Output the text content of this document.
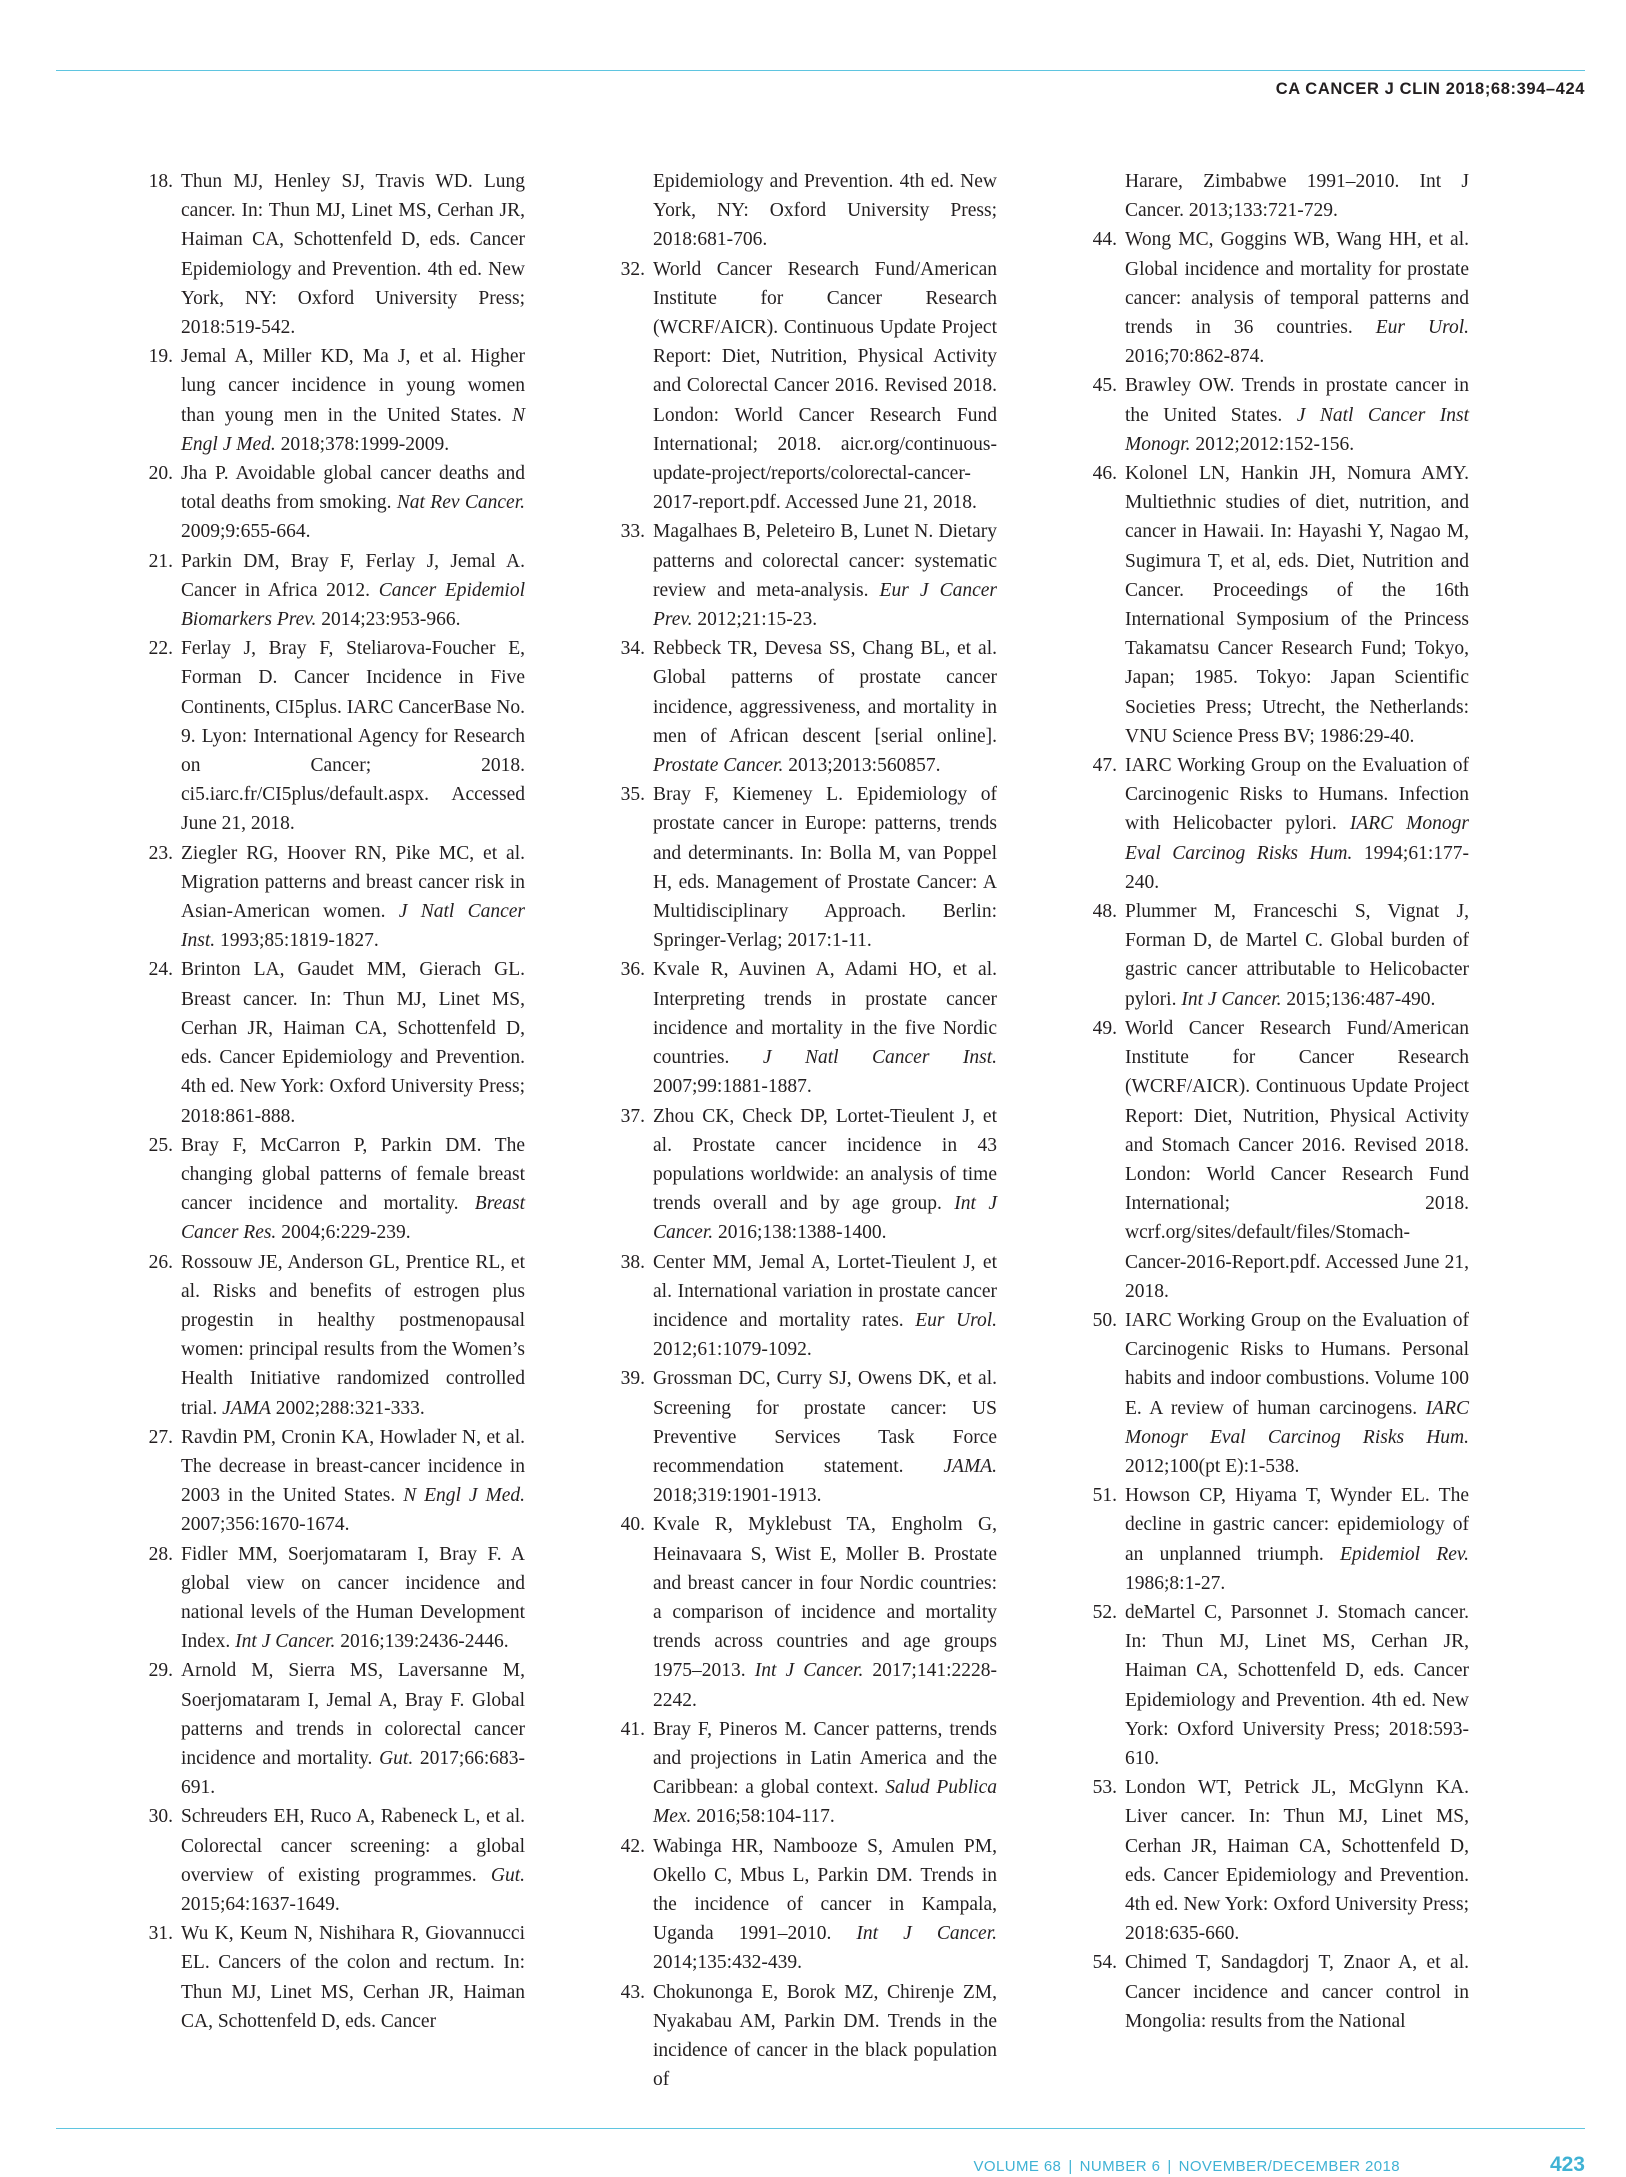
CA CANCER J CLIN 2018;68:394–424
18 . Thun MJ, Henley SJ, Travis WD. Lung cancer. In: Thun MJ, Linet MS, Cerhan JR, Haiman CA, Schottenfeld D, eds. Cancer Epidemiology and Prevention. 4th ed. New York, NY: Oxford University Press; 2018:519-542.
19 . Jemal A, Miller KD, Ma J, et al. Higher lung cancer incidence in young women than young men in the United States. N Engl J Med. 2018;378:1999-2009.
20 . Jha P. Avoidable global cancer deaths and total deaths from smoking. Nat Rev Cancer. 2009;9:655-664.
21 . Parkin DM, Bray F, Ferlay J, Jemal A. Cancer in Africa 2012. Cancer Epidemiol Biomarkers Prev. 2014;23:953-966.
22 . Ferlay J, Bray F, Steliarova-Foucher E, Forman D. Cancer Incidence in Five Continents, CI5plus. IARC CancerBase No. 9. Lyon: International Agency for Research on Cancer; 2018. ci5.iarc.fr/CI5plus/default.aspx. Accessed June 21, 2018.
23 . Ziegler RG, Hoover RN, Pike MC, et al. Migration patterns and breast cancer risk in Asian-American women. J Natl Cancer Inst. 1993;85:1819-1827.
24 . Brinton LA, Gaudet MM, Gierach GL. Breast cancer. In: Thun MJ, Linet MS, Cerhan JR, Haiman CA, Schottenfeld D, eds. Cancer Epidemiology and Prevention. 4th ed. New York: Oxford University Press; 2018:861-888.
25 . Bray F, McCarron P, Parkin DM. The changing global patterns of female breast cancer incidence and mortality. Breast Cancer Res. 2004;6:229-239.
26 . Rossouw JE, Anderson GL, Prentice RL, et al. Risks and benefits of estrogen plus progestin in healthy postmenopausal women: principal results from the Women’s Health Initiative randomized controlled trial. JAMA 2002;288:321-333.
27 . Ravdin PM, Cronin KA, Howlader N, et al. The decrease in breast-cancer incidence in 2003 in the United States. N Engl J Med. 2007;356:1670-1674.
28 . Fidler MM, Soerjomataram I, Bray F. A global view on cancer incidence and national levels of the Human Development Index. Int J Cancer. 2016;139:2436-2446.
29 . Arnold M, Sierra MS, Laversanne M, Soerjomataram I, Jemal A, Bray F. Global patterns and trends in colorectal cancer incidence and mortality. Gut. 2017;66:683-691.
30 . Schreuders EH, Ruco A, Rabeneck L, et al. Colorectal cancer screening: a global overview of existing programmes. Gut. 2015;64:1637-1649.
31 . Wu K, Keum N, Nishihara R, Giovannucci EL. Cancers of the colon and rectum. In: Thun MJ, Linet MS, Cerhan JR, Haiman CA, Schottenfeld D, eds. Cancer
Epidemiology and Prevention. 4th ed. New York, NY: Oxford University Press; 2018:681-706.
32 . World Cancer Research Fund/American Institute for Cancer Research (WCRF/AICR). Continuous Update Project Report: Diet, Nutrition, Physical Activity and Colorectal Cancer 2016. Revised 2018. London: World Cancer Research Fund International; 2018. aicr.org/continuous-update-project/reports/colorectal-cancer-2017-report.pdf. Accessed June 21, 2018.
33 . Magalhaes B, Peleteiro B, Lunet N. Dietary patterns and colorectal cancer: systematic review and meta-analysis. Eur J Cancer Prev. 2012;21:15-23.
34 . Rebbeck TR, Devesa SS, Chang BL, et al. Global patterns of prostate cancer incidence, aggressiveness, and mortality in men of African descent [serial online]. Prostate Cancer. 2013;2013:560857.
35 . Bray F, Kiemeney L. Epidemiology of prostate cancer in Europe: patterns, trends and determinants. In: Bolla M, van Poppel H, eds. Management of Prostate Cancer: A Multidisciplinary Approach. Berlin: Springer-Verlag; 2017:1-11.
36 . Kvale R, Auvinen A, Adami HO, et al. Interpreting trends in prostate cancer incidence and mortality in the five Nordic countries. J Natl Cancer Inst. 2007;99:1881-1887.
37 . Zhou CK, Check DP, Lortet-Tieulent J, et al. Prostate cancer incidence in 43 populations worldwide: an analysis of time trends overall and by age group. Int J Cancer. 2016;138:1388-1400.
38 . Center MM, Jemal A, Lortet-Tieulent J, et al. International variation in prostate cancer incidence and mortality rates. Eur Urol. 2012;61:1079-1092.
39 . Grossman DC, Curry SJ, Owens DK, et al. Screening for prostate cancer: US Preventive Services Task Force recommendation statement. JAMA. 2018;319:1901-1913.
40 . Kvale R, Myklebust TA, Engholm G, Heinavaara S, Wist E, Moller B. Prostate and breast cancer in four Nordic countries: a comparison of incidence and mortality trends across countries and age groups 1975–2013. Int J Cancer. 2017;141:2228-2242.
41 . Bray F, Pineros M. Cancer patterns, trends and projections in Latin America and the Caribbean: a global context. Salud Publica Mex. 2016;58:104-117.
42 . Wabinga HR, Nambooze S, Amulen PM, Okello C, Mbus L, Parkin DM. Trends in the incidence of cancer in Kampala, Uganda 1991–2010. Int J Cancer. 2014;135:432-439.
43 . Chokunonga E, Borok MZ, Chirenje ZM, Nyakabau AM, Parkin DM. Trends in the incidence of cancer in the black population of
Harare, Zimbabwe 1991–2010. Int J Cancer. 2013;133:721-729.
44 . Wong MC, Goggins WB, Wang HH, et al. Global incidence and mortality for prostate cancer: analysis of temporal patterns and trends in 36 countries. Eur Urol. 2016;70:862-874.
45 . Brawley OW. Trends in prostate cancer in the United States. J Natl Cancer Inst Monogr. 2012;2012:152-156.
46 . Kolonel LN, Hankin JH, Nomura AMY. Multiethnic studies of diet, nutrition, and cancer in Hawaii. In: Hayashi Y, Nagao M, Sugimura T, et al, eds. Diet, Nutrition and Cancer. Proceedings of the 16th International Symposium of the Princess Takamatsu Cancer Research Fund; Tokyo, Japan; 1985. Tokyo: Japan Scientific Societies Press; Utrecht, the Netherlands: VNU Science Press BV; 1986:29-40.
47 . IARC Working Group on the Evaluation of Carcinogenic Risks to Humans. Infection with Helicobacter pylori. IARC Monogr Eval Carcinog Risks Hum. 1994;61:177-240.
48 . Plummer M, Franceschi S, Vignat J, Forman D, de Martel C. Global burden of gastric cancer attributable to Helicobacter pylori. Int J Cancer. 2015;136:487-490.
49 . World Cancer Research Fund/American Institute for Cancer Research (WCRF/AICR). Continuous Update Project Report: Diet, Nutrition, Physical Activity and Stomach Cancer 2016. Revised 2018. London: World Cancer Research Fund International; 2018. wcrf.org/sites/default/files/Stomach-Cancer-2016-Report.pdf. Accessed June 21, 2018.
50 . IARC Working Group on the Evaluation of Carcinogenic Risks to Humans. Personal habits and indoor combustions. Volume 100 E. A review of human carcinogens. IARC Monogr Eval Carcinog Risks Hum. 2012;100(pt E):1-538.
51 . Howson CP, Hiyama T, Wynder EL. The decline in gastric cancer: epidemiology of an unplanned triumph. Epidemiol Rev. 1986;8:1-27.
52 . deMartel C, Parsonnet J. Stomach cancer. In: Thun MJ, Linet MS, Cerhan JR, Haiman CA, Schottenfeld D, eds. Cancer Epidemiology and Prevention. 4th ed. New York: Oxford University Press; 2018:593-610.
53 . London WT, Petrick JL, McGlynn KA. Liver cancer. In: Thun MJ, Linet MS, Cerhan JR, Haiman CA, Schottenfeld D, eds. Cancer Epidemiology and Prevention. 4th ed. New York: Oxford University Press; 2018:635-660.
54 . Chimed T, Sandagdorj T, Znaor A, et al. Cancer incidence and cancer control in Mongolia: results from the National
VOLUME 68 | NUMBER 6 | NOVEMBER/DECEMBER 2018	423
